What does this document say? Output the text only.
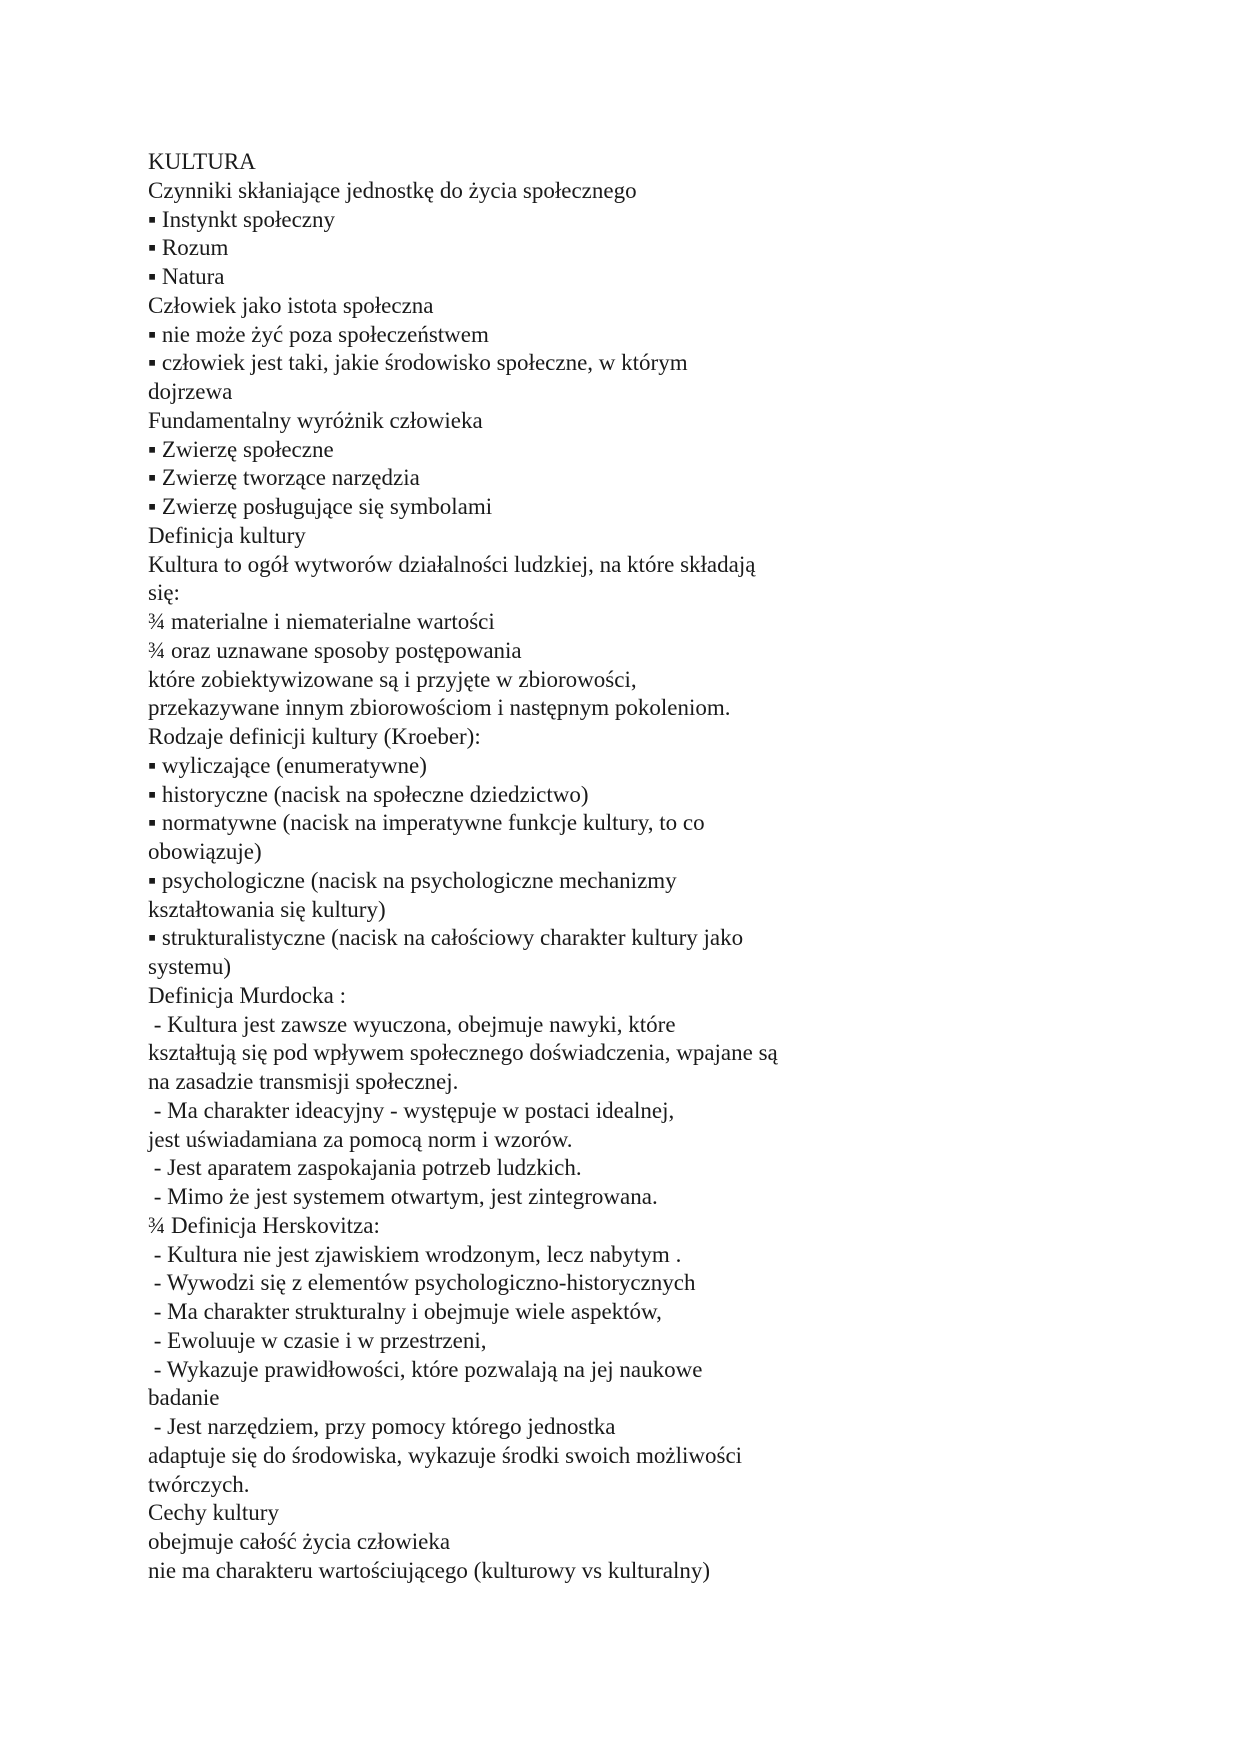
KULTURA
Czynniki skłaniające jednostkę do życia społecznego
▪ Instynkt społeczny
▪ Rozum
▪ Natura
Człowiek jako istota społeczna
▪ nie może żyć poza społeczeństwem
▪ człowiek jest taki, jakie środowisko społeczne, w którym
dojrzewa
Fundamentalny wyróżnik człowieka
▪ Zwierzę społeczne
▪ Zwierzę tworzące narzędzia
▪ Zwierzę posługujące się symbolami
Definicja kultury
Kultura to ogół wytworów działalności ludzkiej, na które składają
się:
¾ materialne i niematerialne wartości
¾ oraz uznawane sposoby postępowania
które zobiektywizowane są i przyjęte w zbiorowości,
przekazywane innym zbiorowościom i następnym pokoleniom.
Rodzaje definicji kultury (Kroeber):
▪ wyliczające (enumeratywne)
▪ historyczne (nacisk na społeczne dziedzictwo)
▪ normatywne (nacisk na imperatywne funkcje kultury, to co
obowiązuje)
▪ psychologiczne (nacisk na psychologiczne mechanizmy
kształtowania się kultury)
▪ strukturalistyczne (nacisk na całościowy charakter kultury jako
systemu)
Definicja Murdocka :
- Kultura jest zawsze wyuczona, obejmuje nawyki, które
kształtują się pod wpływem społecznego doświadczenia, wpajane są
na zasadzie transmisji społecznej.
- Ma charakter ideacyjny - występuje w postaci idealnej,
jest uświadamiana za pomocą norm i wzorów.
- Jest aparatem zaspokajania potrzeb ludzkich.
- Mimo że jest systemem otwartym, jest zintegrowana.
¾ Definicja Herskovitza:
- Kultura nie jest zjawiskiem wrodzonym, lecz nabytym .
- Wywodzi się z elementów psychologiczno-historycznych
- Ma charakter strukturalny i obejmuje wiele aspektów,
- Ewoluuje w czasie i w przestrzeni,
- Wykazuje prawidłowości, które pozwalają na jej naukowe
badanie
- Jest narzędziem, przy pomocy którego jednostka
adaptuje się do środowiska, wykazuje środki swoich możliwości
twórczych.
Cechy kultury
obejmuje całość życia człowieka
nie ma charakteru wartościującego (kulturowy vs kulturalny)
